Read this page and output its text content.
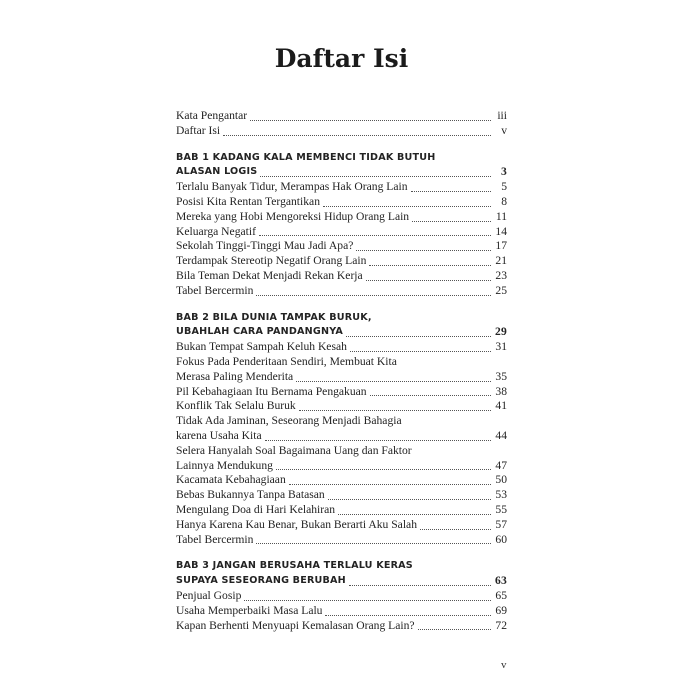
Daftar Isi
Kata Pengantar	iii
Daftar Isi	v
BAB 1 KADANG KALA MEMBENCI TIDAK BUTUH
ALASAN LOGIS	3
Terlalu Banyak Tidur, Merampas Hak Orang Lain	5
Posisi Kita Rentan Tergantikan	8
Mereka yang Hobi Mengoreksi Hidup Orang Lain	11
Keluarga Negatif	14
Sekolah Tinggi-Tinggi Mau Jadi Apa?	17
Terdampak Stereotip Negatif Orang Lain	21
Bila Teman Dekat Menjadi Rekan Kerja	23
Tabel Bercermin	25
BAB 2 BILA DUNIA TAMPAK BURUK,
UBAHLAH CARA PANDANGNYA	29
Bukan Tempat Sampah Keluh Kesah	31
Fokus Pada Penderitaan Sendiri, Membuat Kita
Merasa Paling Menderita	35
Pil Kebahagiaan Itu Bernama Pengakuan	38
Konflik Tak Selalu Buruk	41
Tidak Ada Jaminan, Seseorang Menjadi Bahagia
karena Usaha Kita	44
Selera Hanyalah Soal Bagaimana Uang dan Faktor
Lainnya Mendukung	47
Kacamata Kebahagiaan	50
Bebas Bukannya Tanpa Batasan	53
Mengulang Doa di Hari Kelahiran	55
Hanya Karena Kau Benar, Bukan Berarti Aku Salah	57
Tabel Bercermin	60
BAB 3 JANGAN BERUSAHA TERLALU KERAS
SUPAYA SESEORANG BERUBAH	63
Penjual Gosip	65
Usaha Memperbaiki Masa Lalu	69
Kapan Berhenti Menyuapi Kemalasan Orang Lain?	72
v
